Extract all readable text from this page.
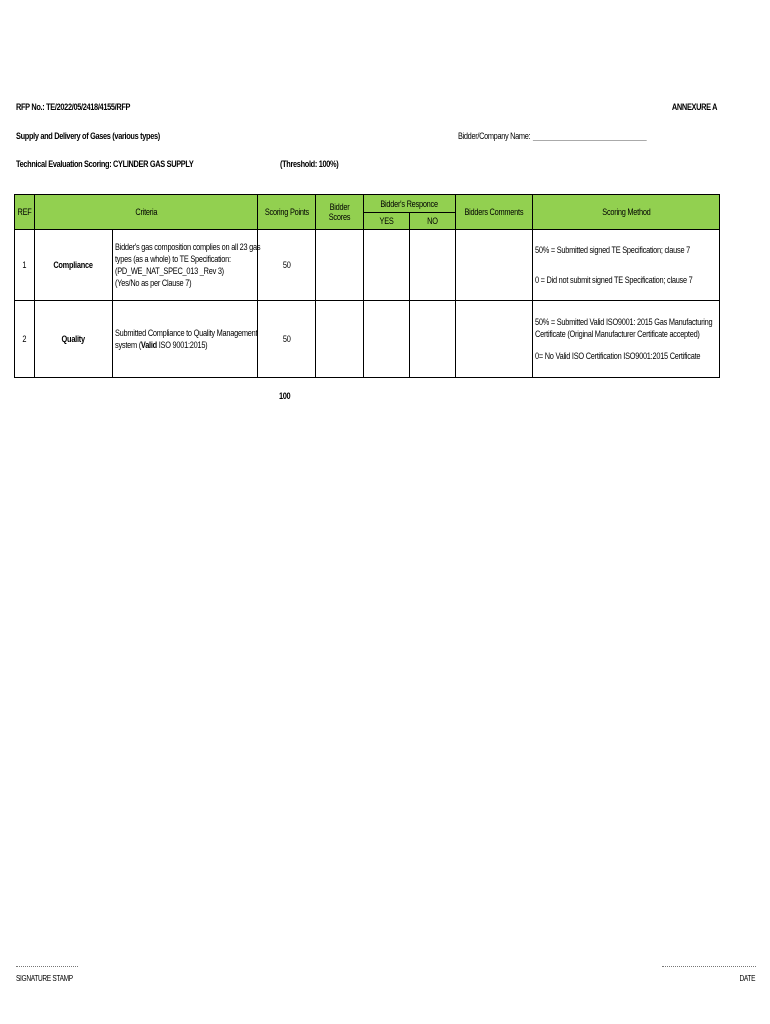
RFP No.: TE/2022/05/2418/4155/RFP	ANNEXURE A
Supply and Delivery of Gases (various types)	Bidder/Company Name: ______________________________
Technical Evaluation Scoring: CYLINDER GAS SUPPLY	(Threshold: 100%)
REF	Criteria		Scoring Points	Bidder Scores	Bidder's Responce		Bidders Comments	Scoring Method
					YES	NO		
1	Compliance	Bidder's gas composition complies on all 23 gas
types (as a whole) to TE Specification:
(PD_WE_NAT_SPEC_013 _Rev 3)
(Yes/No as per Clause 7)	50					50% = Submitted signed TE Specification; clause 7
0 = Did not submit signed TE Specification; clause 7

2	Quality	Submitted Compliance to Quality Management
system (Valid ISO 9001:2015)	50					50% = Submitted Valid ISO9001: 2015 Gas Manufacturing
Certificate (Original Manufacturer Certificate accepted)
0= No Valid ISO Certification ISO9001:2015 Certificate
100
SIGNATURE STAMP	DATE
